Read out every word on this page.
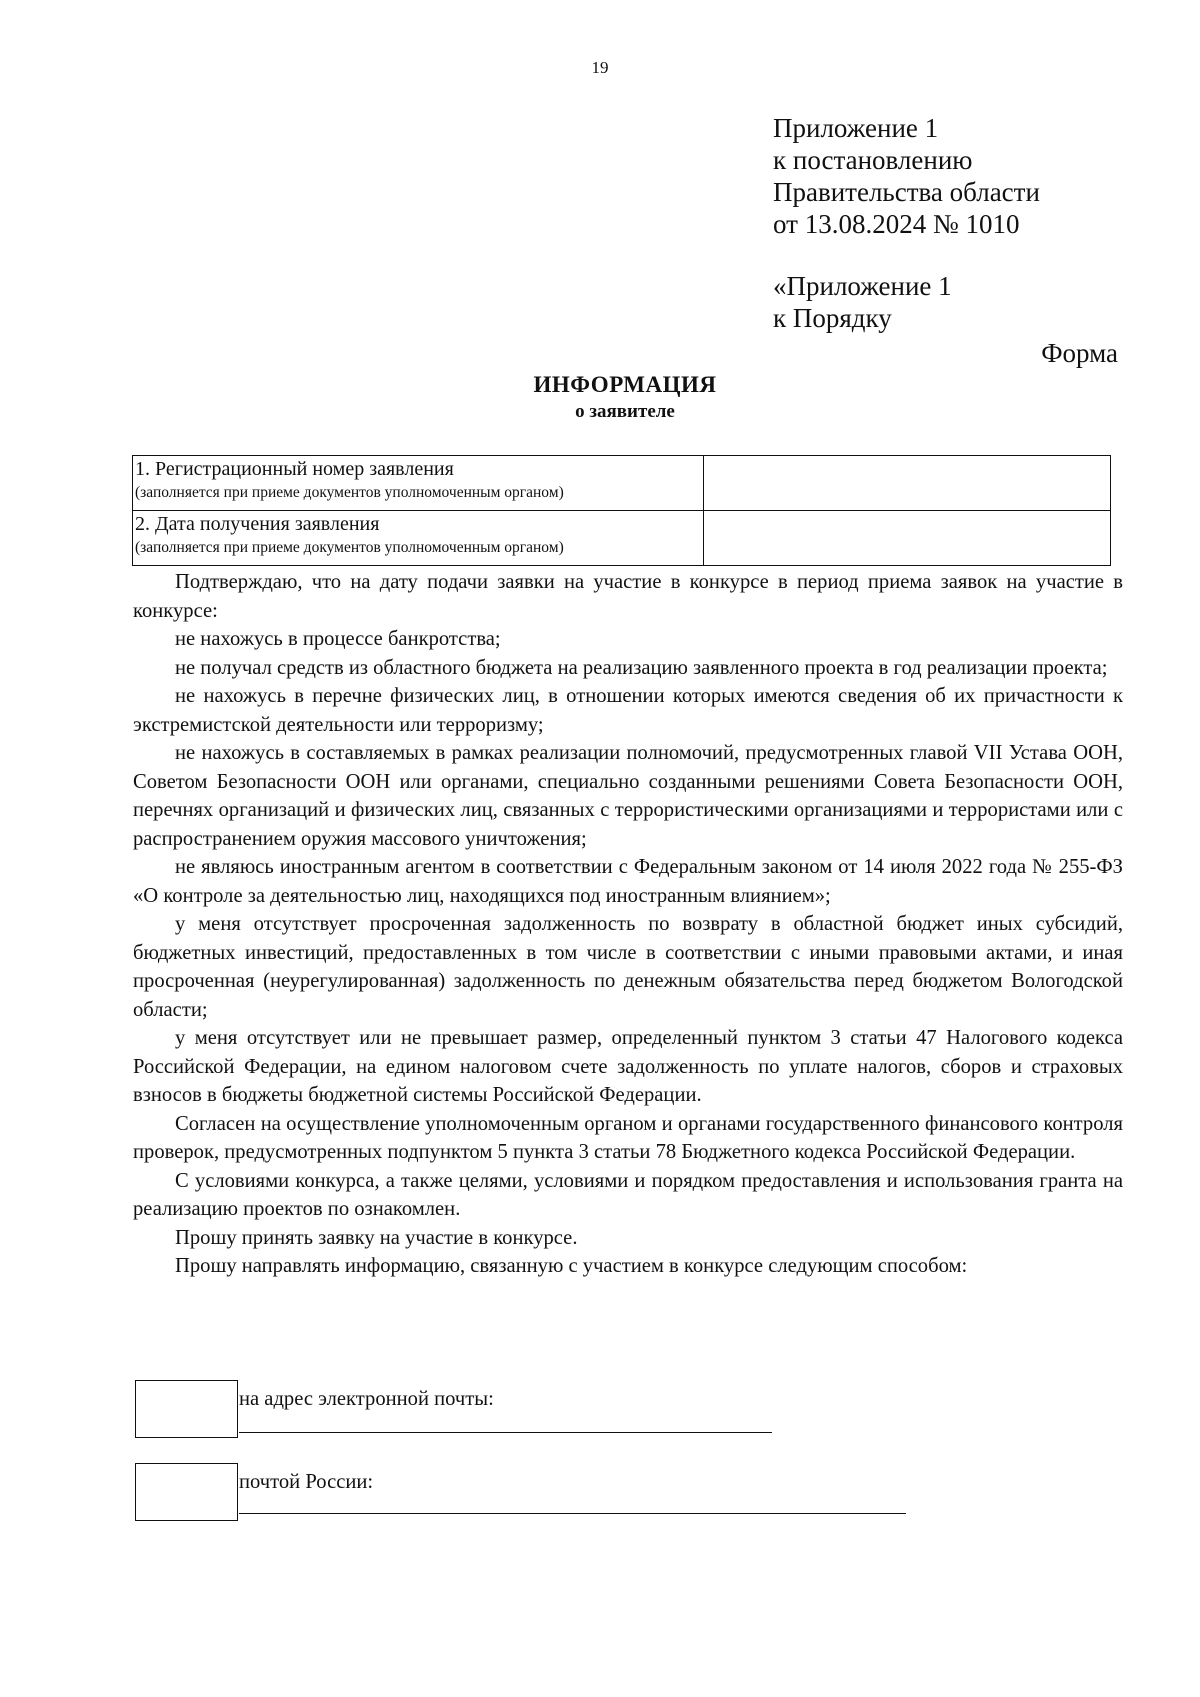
19
Приложение 1
к постановлению
Правительства области
от 13.08.2024 № 1010
«Приложение 1
к Порядку
Форма
ИНФОРМАЦИЯ
о заявителе
1. Регистрационный номер заявления
(заполняется при приеме документов уполномоченным органом)	

2. Дата получения заявления
(заполняется при приеме документов уполномоченным органом)	

Подтверждаю, что на дату подачи заявки на участие в конкурсе в период приема заявок на участие в конкурсе:

не нахожусь в процессе банкротства;

не получал средств из областного бюджета на реализацию заявленного проекта в год реализации проекта;

не нахожусь в перечне физических лиц, в отношении которых имеются сведения об их причастности к экстремистской деятельности или терроризму;

не нахожусь в составляемых в рамках реализации полномочий, предусмотренных главой VII Устава ООН, Советом Безопасности ООН или органами, специально созданными решениями Совета Безопасности ООН, перечнях организаций и физических лиц, связанных с террористическими организациями и террористами или с распространением оружия массового уничтожения;

не являюсь иностранным агентом в соответствии с Федеральным законом от 14 июля 2022 года № 255-ФЗ «О контроле за деятельностью лиц, находящихся под иностранным влиянием»;

у меня отсутствует просроченная задолженность по возврату в областной бюджет иных субсидий, бюджетных инвестиций, предоставленных в том числе в соответствии с иными правовыми актами, и иная просроченная (неурегулированная) задолженность по денежным обязательства перед бюджетом Вологодской области;

у меня отсутствует или не превышает размер, определенный пунктом 3 статьи 47 Налогового кодекса Российской Федерации, на едином налоговом счете задолженность по уплате налогов, сборов и страховых взносов в бюджеты бюджетной системы Российской Федерации.

Согласен на осуществление уполномоченным органом и органами государственного финансового контроля проверок, предусмотренных подпунктом 5 пункта 3 статьи 78 Бюджетного кодекса Российской Федерации.

С условиями конкурса, а также целями, условиями и порядком предоставления и использования гранта на реализацию проектов по ознакомлен.

Прошу принять заявку на участие в конкурсе.

Прошу направлять информацию, связанную с участием в конкурсе следующим способом:

на адрес электронной почты:
почтой России:
